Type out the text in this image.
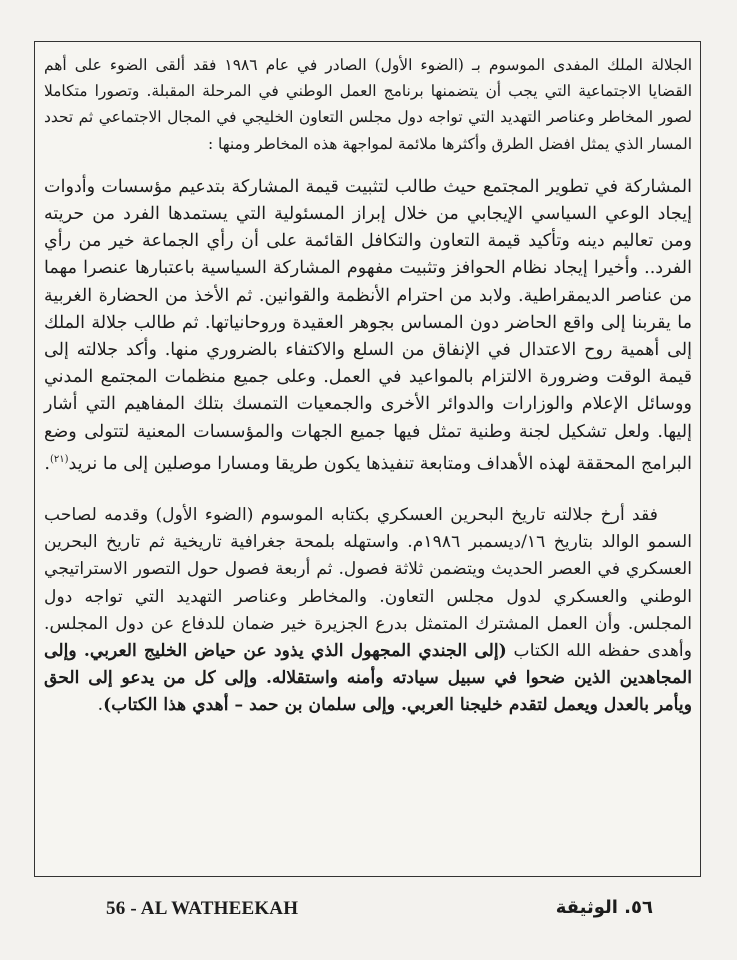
الجلالة الملك المفدى الموسوم بـ (الضوء الأول) الصادر في عام ١٩٨٦ فقد ألقى الضوء على أهم القضايا الاجتماعية التي يجب أن يتضمنها برنامج العمل الوطني في المرحلة المقبلة. وتصورا متكاملا لصور المخاطر وعناصر التهديد التي تواجه دول مجلس التعاون الخليجي في المجال الاجتماعي ثم تحدد المسار الذي يمثل افضل الطرق وأكثرها ملائمة لمواجهة هذه المخاطر ومنها :

المشاركة في تطوير المجتمع حيث طالب لتثبيت قيمة المشاركة بتدعيم مؤسسات وأدوات إيجاد الوعي السياسي الإيجابي من خلال إبراز المسئولية التي يستمدها الفرد من حريته ومن تعاليم دينه وتأكيد قيمة التعاون والتكافل القائمة على أن رأي الجماعة خير من رأي الفرد.. وأخيرا إيجاد نظام الحوافز وتثبيت مفهوم المشاركة السياسية باعتبارها عنصرا مهما من عناصر الديمقراطية. ولابد من احترام الأنظمة والقوانين. ثم الأخذ من الحضارة الغربية ما يقربنا إلى واقع الحاضر دون المساس بجوهر العقيدة وروحانياتها. ثم طالب جلالة الملك إلى أهمية روح الاعتدال في الإنفاق من السلع والاكتفاء بالضروري منها. وأكد جلالته إلى قيمة الوقت وضرورة الالتزام بالمواعيد في العمل. وعلى جميع منظمات المجتمع المدني ووسائل الإعلام والوزارات والدوائر الأخرى والجمعيات التمسك بتلك المفاهيم التي أشار إليها. ولعل تشكيل لجنة وطنية تمثل فيها جميع الجهات والمؤسسات المعنية لتتولى وضع البرامج المحققة لهذه الأهداف ومتابعة تنفيذها يكون طريقا ومسارا موصلين إلى ما نريد$^{(٢١)}$.

فقد أرخ جلالته تاريخ البحرين العسكري بكتابه الموسوم (الضوء الأول) وقدمه لصاحب السمو الوالد بتاريخ ١٦/ديسمبر ١٩٨٦م. واستهله بلمحة جغرافية تاريخية ثم تاريخ البحرين العسكري في العصر الحديث ويتضمن ثلاثة فصول. ثم أربعة فصول حول التصور الاستراتيجي الوطني والعسكري لدول مجلس التعاون. والمخاطر وعناصر التهديد التي تواجه دول المجلس. وأن العمل المشترك المتمثل بدرع الجزيرة خير ضمان للدفاع عن دول المجلس. وأهدى حفظه الله الكتاب (إلى الجندي المجهول الذي يذود عن حياض الخليج العربي. وإلى المجاهدين الذين ضحوا في سبيل سيادته وأمنه واستقلاله. وإلى كل من يدعو إلى الحق ويأمر بالعدل ويعمل لتقدم خليجنا العربي. وإلى سلمان بن حمد – أهدي هذا الكتاب).

56 - AL WATHEEKAH	٥٦. الوثيقة
